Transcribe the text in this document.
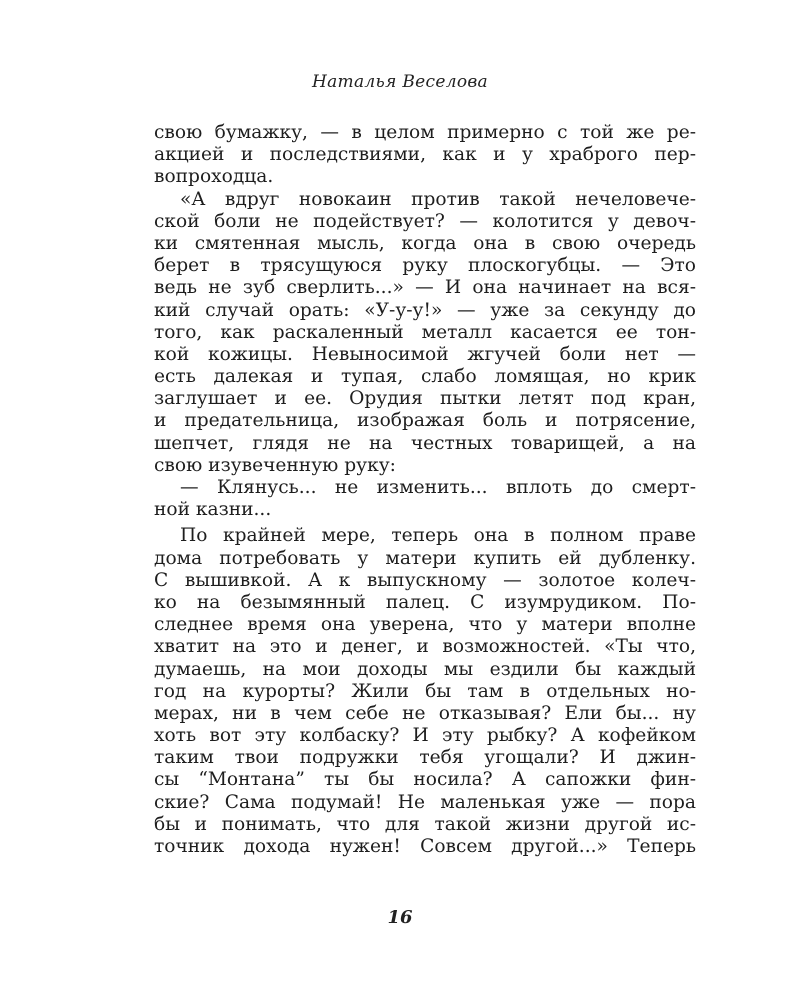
Наталья Веселова
свою бумажку, — в целом примерно с той же ре-
акцией и последствиями, как и у храброго пер-
вопроходца.
«А вдруг новокаин против такой нечеловече-
ской боли не подействует? — колотится у девоч-
ки смятенная мысль, когда она в свою очередь
берет в трясущуюся руку плоскогубцы. — Это
ведь не зуб сверлить...» — И она начинает на вся-
кий случай орать: «У-у-у!» — уже за секунду до
того, как раскаленный металл касается ее тон-
кой кожицы. Невыносимой жгучей боли нет —
есть далекая и тупая, слабо ломящая, но крик
заглушает и ее. Орудия пытки летят под кран,
и предательница, изображая боль и потрясение,
шепчет, глядя не на честных товарищей, а на
свою изувеченную руку:
— Клянусь... не изменить... вплоть до смерт-
ной казни...
По крайней мере, теперь она в полном праве
дома потребовать у матери купить ей дубленку.
С вышивкой. А к выпускному — золотое колеч-
ко на безымянный палец. С изумрудиком. По-
следнее время она уверена, что у матери вполне
хватит на это и денег, и возможностей. «Ты что,
думаешь, на мои доходы мы ездили бы каждый
год на курорты? Жили бы там в отдельных но-
мерах, ни в чем себе не отказывая? Ели бы... ну
хоть вот эту колбаску? И эту рыбку? А кофейком
таким твои подружки тебя угощали? И джин-
сы “Монтана” ты бы носила? А сапожки фин-
ские? Сама подумай! Не маленькая уже — пора
бы и понимать, что для такой жизни другой ис-
точник дохода нужен! Совсем другой...» Теперь
16
